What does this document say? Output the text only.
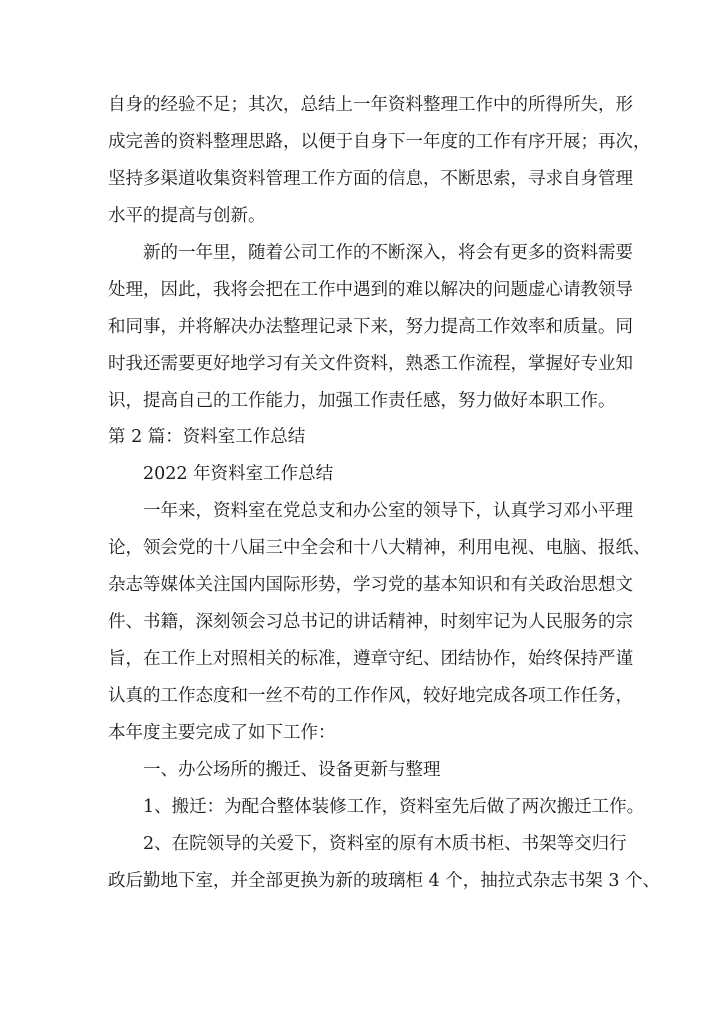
自身的经验不足；其次，总结上一年资料整理工作中的所得所失，形
成完善的资料整理思路，以便于自身下一年度的工作有序开展；再次，
坚持多渠道收集资料管理工作方面的信息，不断思索，寻求自身管理
水平的提高与创新。
新的一年里，随着公司工作的不断深入，将会有更多的资料需要
处理，因此，我将会把在工作中遇到的难以解决的问题虚心请教领导
和同事，并将解决办法整理记录下来，努力提高工作效率和质量。同
时我还需要更好地学习有关文件资料，熟悉工作流程，掌握好专业知
识，提高自己的工作能力，加强工作责任感，努力做好本职工作。
第 2 篇：资料室工作总结
2022 年资料室工作总结
一年来，资料室在党总支和办公室的领导下，认真学习邓小平理
论，领会党的十八届三中全会和十八大精神，利用电视、电脑、报纸、
杂志等媒体关注国内国际形势，学习党的基本知识和有关政治思想文
件、书籍，深刻领会习总书记的讲话精神，时刻牢记为人民服务的宗
旨，在工作上对照相关的标准，遵章守纪、团结协作，始终保持严谨
认真的工作态度和一丝不苟的工作作风，较好地完成各项工作任务，
本年度主要完成了如下工作：
一、办公场所的搬迁、设备更新与整理
1、搬迁：为配合整体装修工作，资料室先后做了两次搬迁工作。
2、在院领导的关爱下，资料室的原有木质书柜、书架等交归行
政后勤地下室，并全部更换为新的玻璃柜 4 个，抽拉式杂志书架 3 个、
